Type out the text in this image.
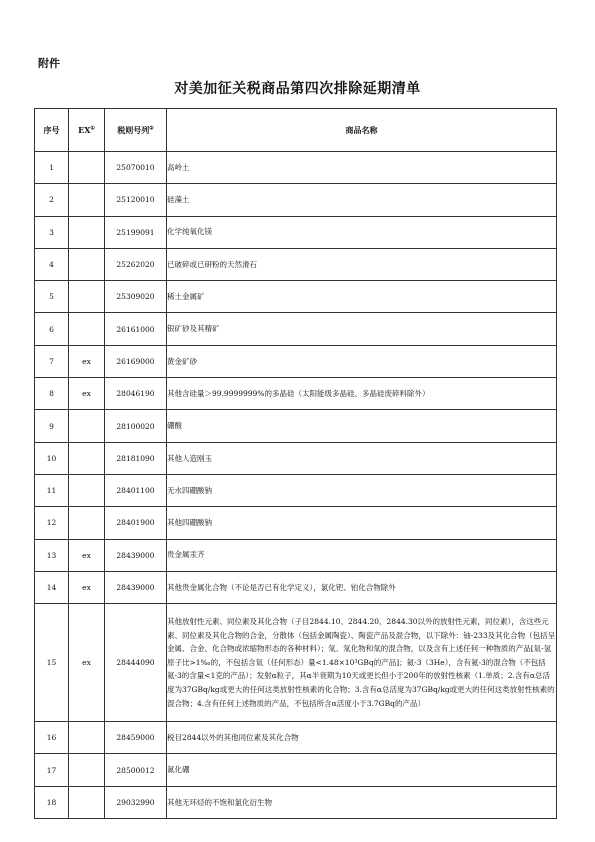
附件
对美加征关税商品第四次排除延期清单
序号	EX①	税则号列②	商品名称
1		25070010	高岭土
2		25120010	硅藻土
3		25199091	化学纯氧化镁
4		25262020	已破碎或已研粉的天然滑石
5		25309020	稀土金属矿
6		26161000	银矿砂及其精矿
7	ex	26169000	黄金矿砂
8	ex	28046190	其他含硅量＞99.9999999%的多晶硅（太阳能级多晶硅、多晶硅废碎料除外）
9		28100020	硼酸
10		28181090	其他人造刚玉
11		28401100	无水四硼酸钠
12		28401900	其他四硼酸钠
13	ex	28439000	贵金属汞齐
14	ex	28439000	其他贵金属化合物（不论是否已有化学定义），氯化钯、铂化合物除外
15	ex	28444090	其他放射性元素、同位素及其化合物（子目2844.10、2844.20、2844.30以外的放射性元素，同位素），含这些元素、同位素及其化合物的合金，分散体（包括金属陶瓷）、陶瓷产品及混合物，以下除外：铀-233及其化合物（包括呈金属、合金、化合物或浓缩物形态的各种材料）；氚、氚化物和氚的混合物，以及含有上述任何一种物质的产品[氚-氢原子比>1‰的，不包括含氚（任何形态）量<1.48×10³GBq的产品]；氦-3（3He），含有氦-3的混合物（不包括氦-3的含量<1克的产品）；发射α粒子，其α半衰期为10天或更长但小于200年的放射性核素（1.单质；2.含有α总活度为37GBq/kg或更大的任何这类放射性核素的化合物；3.含有α总活度为37GBq/kg或更大的任何这类放射性核素的混合物；4.含有任何上述物质的产品，不包括所含α活度小于3.7GBq的产品）
16		28459000	税目2844以外的其他同位素及其化合物
17		28500012	氮化硼
18		29032990	其他无环烃的不饱和氯化衍生物
